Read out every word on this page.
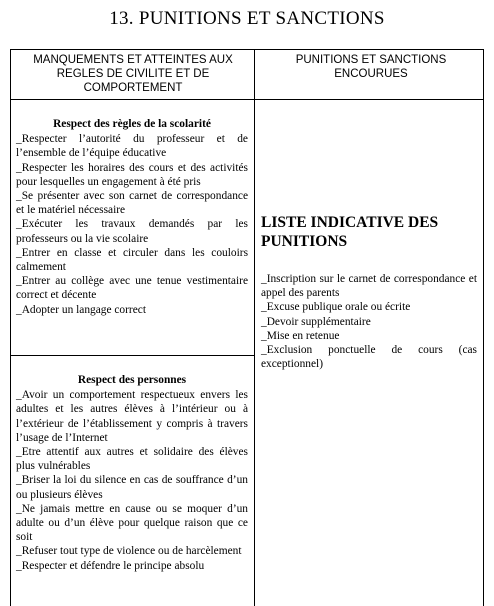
13. PUNITIONS ET SANCTIONS
MANQUEMENTS ET ATTEINTES AUX REGLES DE CIVILITE ET DE COMPORTEMENT
PUNITIONS ET SANCTIONS ENCOURUES
Respect des règles de la scolarité

_Respecter l’autorité du professeur et de l’ensemble de l’équipe éducative

_Respecter les horaires des cours et des activités pour lesquelles un engagement à été pris

_Se présenter avec son carnet de correspondance et le matériel nécessaire

_Exécuter les travaux demandés par les professeurs ou la vie scolaire

_Entrer en classe et circuler dans les couloirs calmement

_Entrer au collège avec une tenue vestimentaire correct et décente

_Adopter un langage correct

Respect des personnes

_Avoir un comportement respectueux envers les adultes et les autres élèves à l’intérieur ou à l’extérieur de l’établissement y compris à travers l’usage de l’Internet

_Etre attentif aux autres et solidaire des élèves plus vulnérables

_Briser la loi du silence en cas de souffrance d’un ou plusieurs élèves

_Ne jamais mettre en cause ou se moquer d’un adulte ou d’un élève pour quelque raison que ce soit

_Refuser tout type de violence ou de harcèlement

_Respecter et défendre le principe absolu

LISTE INDICATIVE DES PUNITIONS

_Inscription sur le carnet de correspondance et appel des parents

_Excuse publique orale ou écrite

_Devoir supplémentaire

_Mise en retenue

_Exclusion ponctuelle de cours (cas exceptionnel)
